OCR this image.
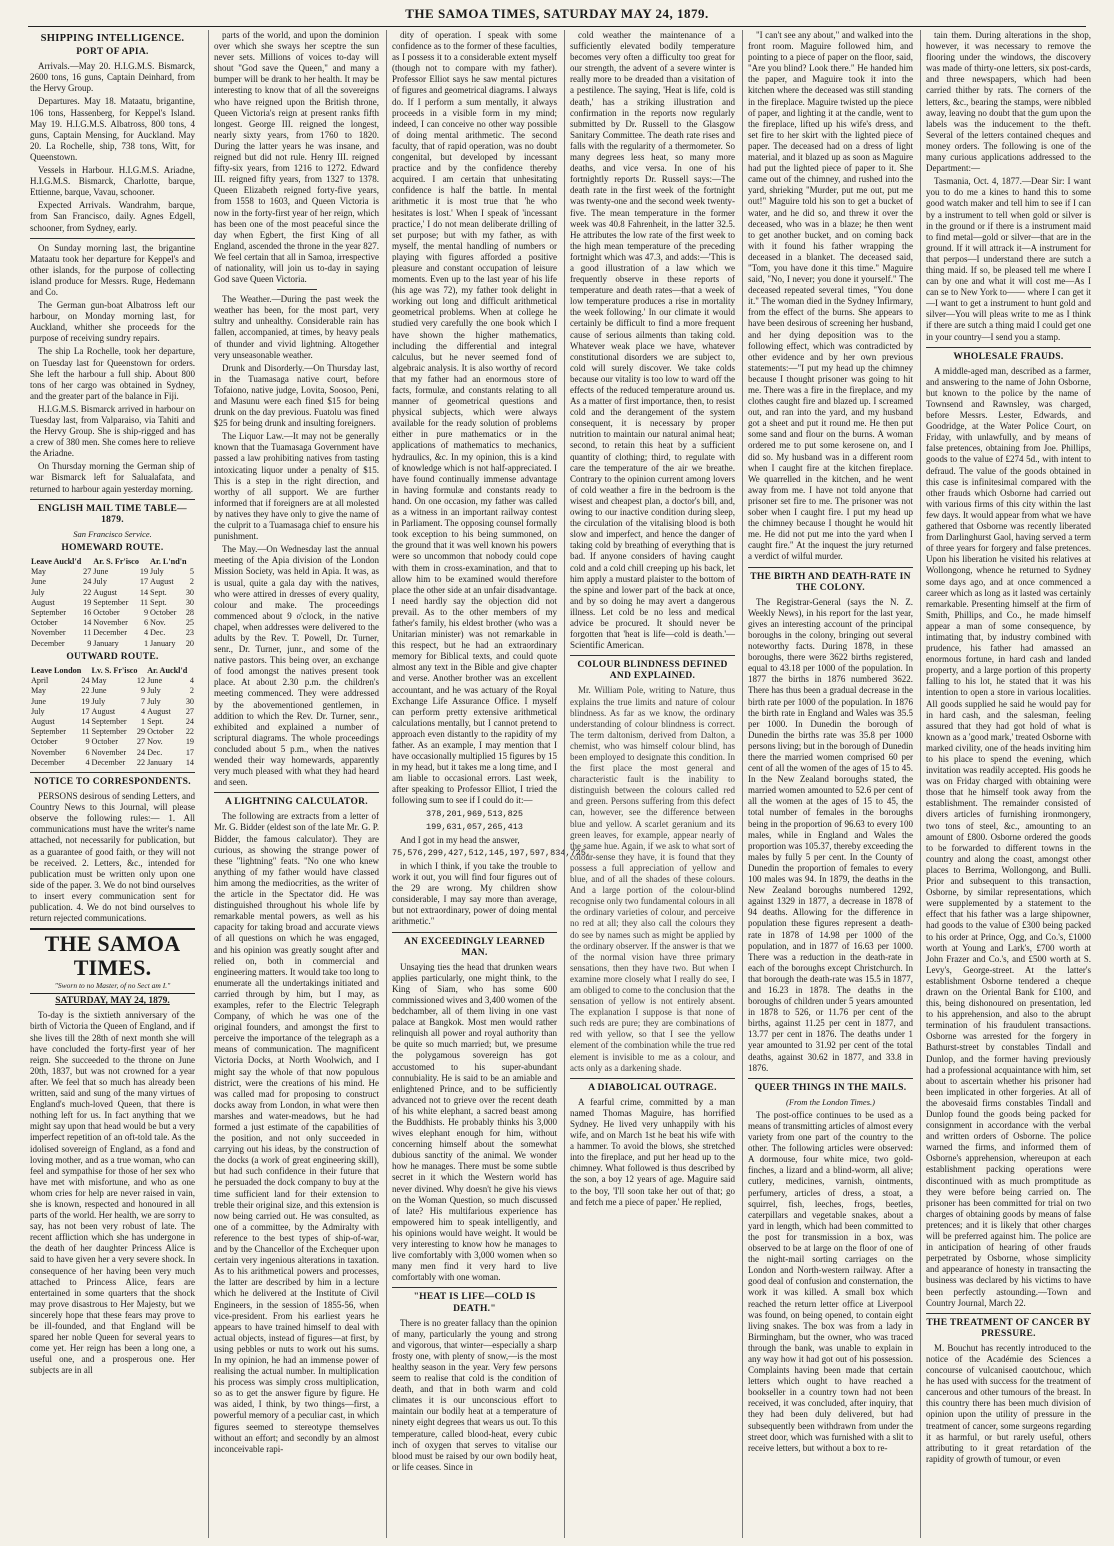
THE SAMOA TIMES, SATURDAY MAY 24, 1879.
SHIPPING INTELLIGENCE.
PORT OF APIA.

Arrivals.—May 20. H.I.G.M.S. Bismarck, 2600 tons, 16 guns, Captain Deinhard, from the Hervy Group.

Departures. May 18. Mataatu, brigantine, 106 tons, Hassenberg, for Keppel's Island. May 19. H.I.G.M.S. Albatross, 800 tons, 4 guns, Captain Mensing, for Auckland. May 20. La Rochelle, ship, 738 tons, Witt, for Queenstown.

Vessels in Harbour. H.I.G.M.S. Ariadne, H.I.G.M.S. Bismarck, Charlotte, barque, Ettienne, barque, Vavau, schooner.

Expected Arrivals. Wandrahm, barque, from San Francisco, daily. Agnes Edgell, schooner, from Sydney, early.

On Sunday morning last, the brigantine Mataatu took her departure for Keppel's and other islands, for the purpose of collecting island produce for Messrs. Ruge, Hedemann and Co.

The German gun-boat Albatross left our harbour, on Monday morning last, for Auckland, whither she proceeds for the purpose of receiving sundry repairs.

The ship La Rochelle, took her departure, on Tuesday last for Queenstown for orders. She left the harbour a full ship. About 800 tons of her cargo was obtained in Sydney, and the greater part of the balance in Fiji.

H.I.G.M.S. Bismarck arrived in harbour on Tuesday last, from Valparaiso, via Tahiti and the Hervy Group. She is ship-rigged and has a crew of 380 men. She comes here to relieve the Ariadne.

On Thursday morning the German ship of war Bismarck left for Salualafata, and returned to harbour again yesterday morning.

ENGLISH MAIL TIME TABLE—1879.
San Francisco Service.
HOMEWARD ROUTE.
Leave Auckl'd		Ar. S. Fr'isco		Ar. L'nd'n	
May	27	June	19	July	5
June	24	July	17	August	2
July	22	August	14	Sept.	30
August	19	September	11	Sept.	30
September	16	October	9	October	28
October	14	November	6	Nov.	25
November	11	December	4	Dec.	23
December	9	January	1	January	20
OUTWARD ROUTE.
Leave London		Lv. S. Fr'isco		Ar. Auckl'd	
April	24	May	12	June	4
May	22	June	9	July	2
June	19	July	7	July	30
July	17	August	4	August	27
August	14	September	1	Sept.	24
September	11	September	29	October	22
October	9	October	27	Nov.	19
November	6	November	24	Dec.	17
December	4	December	22	January	14
NOTICE TO CORRESPONDENTS.

PERSONS desirous of sending Letters, and Country News to this Journal, will please observe the following rules:— 1. All communications must have the writer's name attached, not necessarily for publication, but as a guarantee of good faith, or they will not be received. 2. Letters, &c., intended for publication must be written only upon one side of the paper. 3. We do not bind ourselves to insert every communication sent for publication. 4. We do not bind ourselves to return rejected communications.

THE SAMOA TIMES.
"Sworn to no Master, of no Sect am I."
SATURDAY, MAY 24, 1879.

To-day is the sixtieth anniversary of the birth of Victoria the Queen of England, and if she lives till the 28th of next month she will have concluded the forty-first year of her reign. She succeeded to the throne on June 20th, 1837, but was not crowned for a year after. We feel that so much has already been written, said and sung of the many virtues of England's much-loved Queen, that there is nothing left for us. In fact anything that we might say upon that head would be but a very imperfect repetition of an oft-told tale. As the idolised sovereign of England, as a fond and loving mother, and as a true woman, who can feel and sympathise for those of her sex who have met with misfortune, and who as one whom cries for help are never raised in vain, she is known, respected and honoured in all parts of the world. Her health, we are sorry to say, has not been very robust of late. The recent affliction which she has undergone in the death of her daughter Princess Alice is said to have given her a very severe shock. In consequence of her having been very much attached to Princess Alice, fears are entertained in some quarters that the shock may prove disastrous to Her Majesty, but we sincerely hope that these fears may prove to be ill-founded, and that England will be spared her noble Queen for several years to come yet. Her reign has been a long one, a useful one, and a prosperous one. Her subjects are in all

parts of the world, and upon the dominion over which she sways her sceptre the sun never sets. Millions of voices to-day will shout "God save the Queen," and many a bumper will be drank to her health. It may be interesting to know that of all the sovereigns who have reigned upon the British throne, Queen Victoria's reign at present ranks fifth longest. George III. reigned the longest, nearly sixty years, from 1760 to 1820. During the latter years he was insane, and reigned but did not rule. Henry III. reigned fifty-six years, from 1216 to 1272. Edward III. reigned fifty years, from 1327 to 1378. Queen Elizabeth reigned forty-five years, from 1558 to 1603, and Queen Victoria is now in the forty-first year of her reign, which has been one of the most peaceful since the day when Egbert, the first King of all England, ascended the throne in the year 827. We feel certain that all in Samoa, irrespective of nationality, will join us to-day in saying God save Queen Victoria.

The Weather.—During the past week the weather has been, for the most part, very sultry and unhealthy. Considerable rain has fallen, accompanied, at times, by heavy peals of thunder and vivid lightning. Altogether very unseasonable weather.

Drunk and Disorderly.—On Thursday last, in the Tuamasaga native court, before Tofaiono, native judge, Lovita, Soosoo, Peni, and Masunu were each fined $15 for being drunk on the day previous. Fuatolu was fined $25 for being drunk and insulting foreigners.

The Liquor Law.—It may not be generally known that the Tuamasaga Government have passed a law prohibiting natives from tasting intoxicating liquor under a penalty of $15. This is a step in the right direction, and worthy of all support. We are further informed that if foreigners are at all molested by natives they have only to give the name of the culprit to a Tuamasaga chief to ensure his punishment.

The May.—On Wednesday last the annual meeting of the Apia division of the London Mission Society, was held in Apia. It was, as is usual, quite a gala day with the natives, who were attired in dresses of every quality, colour and make. The proceedings commenced about 9 o'clock, in the native chapel, when addresses were delivered to the adults by the Rev. T. Powell, Dr. Turner, senr., Dr. Turner, junr., and some of the native pastors. This being over, an exchange of food amongst the natives present took place. At about 2.30 p.m. the children's meeting commenced. They were addressed by the abovementioned gentlemen, in addition to which the Rev. Dr. Turner, senr., exhibited and explained a number of scriptural diagrams. The whole proceedings concluded about 5 p.m., when the natives wended their way homewards, apparently very much pleased with what they had heard and seen.

A LIGHTNING CALCULATOR.

The following are extracts from a letter of Mr. G. Bidder (eldest son of the late Mr. G. P. Bidder, the famous calculator). They are curious, as showing the strange power of these "lightning" feats. "No one who knew anything of my father would have classed him among the mediocrities, as the writer of the article in the Spectator did. He was distinguished throughout his whole life by remarkable mental powers, as well as his capacity for taking broad and accurate views of all questions on which he was engaged, and his opinion was greatly sought after and relied on, both in commercial and engineering matters. It would take too long to enumerate all the undertakings initiated and carried through by him, but I may, as examples, refer to the Electric Telegraph Company, of which he was one of the original founders, and amongst the first to perceive the importance of the telegraph as a means of communication. The magnificent Victoria Docks, at North Woolwich, and I might say the whole of that now populous district, were the creations of his mind. He was called mad for proposing to construct docks away from London, in what were then marshes and water-meadows, but he had formed a just estimate of the capabilities of the position, and not only succeeded in carrying out his ideas, by the construction of the docks (a work of great engineering skill), but had such confidence in their future that he persuaded the dock company to buy at the time sufficient land for their extension to treble their original size, and this extension is now being carried out. He was consulted, as one of a committee, by the Admiralty with reference to the best types of ship-of-war, and by the Chancellor of the Exchequer upon certain very ingenious alterations in taxation. As to his arithmetical powers and processes, the latter are described by him in a lecture which he delivered at the Institute of Civil Engineers, in the session of 1855-56, when vice-president. From his earliest years he appears to have trained himself to deal with actual objects, instead of figures—at first, by using pebbles or nuts to work out his sums. In my opinion, he had an immense power of realising the actual number. In multiplication his process was simply cross multiplication, so as to get the answer figure by figure. He was aided, I think, by two things—first, a powerful memory of a peculiar cast, in which figures seemed to stereotype themselves without an effort; and secondly by an almost inconceivable rapi-

dity of operation. I speak with some confidence as to the former of these faculties, as I possess it to a considerable extent myself (though not to compare with my father). Professor Elliot says he saw mental pictures of figures and geometrical diagrams. I always do. If I perform a sum mentally, it always proceeds in a visible form in my mind; indeed, I can conceive no other way possible of doing mental arithmetic. The second faculty, that of rapid operation, was no doubt congenital, but developed by incessant practice and by the confidence thereby acquired. I am certain that unhesitating confidence is half the battle. In mental arithmetic it is most true that 'he who hesitates is lost.' When I speak of 'incessant practice,' I do not mean deliberate drilling of set purpose; but with my father, as with myself, the mental handling of numbers or playing with figures afforded a positive pleasure and constant occupation of leisure moments. Even up to the last year of his life (his age was 72), my father took delight in working out long and difficult arithmetical geometrical problems. When at college he studied very carefully the one book which I have shown the higher mathematics, including the differential and integral calculus, but he never seemed fond of algebraic analysis. It is also worthy of record that my father had an enormous store of facts, formulæ, and constants relating to all manner of geometrical questions and physical subjects, which were always available for the ready solution of problems either in pure mathematics or in the applications of mathematics to mechanics, hydraulics, &c. In my opinion, this is a kind of knowledge which is not half-appreciated. I have found continually immense advantage in having formulæ and constants ready to hand. On one occasion, my father was called as a witness in an important railway contest in Parliament. The opposing counsel formally took exception to his being summoned, on the ground that it was well known his powers were so uncommon that nobody could cope with them in cross-examination, and that to allow him to be examined would therefore place the other side at an unfair disadvantage. I need hardly say the objection did not prevail. As to the other members of my father's family, his eldest brother (who was a Unitarian minister) was not remarkable in this respect, but he had an extraordinary memory for Biblical texts, and could quote almost any text in the Bible and give chapter and verse. Another brother was an excellent accountant, and he was actuary of the Royal Exchange Life Assurance Office. I myself can perform pretty extensive arithmetical calculations mentally, but I cannot pretend to approach even distantly to the rapidity of my father. As an example, I may mention that I have occasionally multiplied 15 figures by 15 in my head, but it takes me a long time, and I am liable to occasional errors. Last week, after speaking to Professor Elliot, I tried the following sum to see if I could do it:—

378,201,969,513,825
199,631,057,265,413

And I got in my head the answer,

75,576,299,427,512,145,197,597,834,725,

in which I think, if you take the trouble to work it out, you will find four figures out of the 29 are wrong. My children show considerable, I may say more than average, but not extraordinary, power of doing mental arithmetic."

AN EXCEEDINGLY LEARNED MAN.

Unsaying ties the head that drunken wears applies particularly, one might think, to the King of Siam, who has some 600 commissioned wives and 3,400 women of the bedchamber, all of them living in one vast palace at Bangkok. Most men would rather relinquish all power and royal authority than be quite so much married; but, we presume the polygamous sovereign has got accustomed to his super-abundant connubiality. He is said to be an amiable and enlightened Prince, and to be sufficiently advanced not to grieve over the recent death of his white elephant, a sacred beast among the Buddhists. He probably thinks his 3,000 wives elephant enough for him, without concerning himself about the somewhat dubious sanctity of the animal. We wonder how he manages. There must be some subtle secret in it which the Western world has never divined. Why doesn't he give his views on the Woman Question, so much discussed of late? His multifarious experience has empowered him to speak intelligently, and his opinions would have weight. It would be very interesting to know how he manages to live comfortably with 3,000 women when so many men find it very hard to live comfortably with one woman.

"HEAT IS LIFE—COLD IS DEATH."

There is no greater fallacy than the opinion of many, particularly the young and strong and vigorous, that winter—especially a sharp frosty one, with plenty of snow,—is the most healthy season in the year. Very few persons seem to realise that cold is the condition of death, and that in both warm and cold climates it is our unconscious effort to maintain our bodily heat at a temperature of ninety eight degrees that wears us out. To this temperature, called blood-heat, every cubic inch of oxygen that serves to vitalise our blood must be raised by our own bodily heat, or life ceases. Since in

cold weather the maintenance of a sufficiently elevated bodily temperature becomes very often a difficulty too great for our strength, the advent of a severe winter is really more to be dreaded than a visitation of a pestilence. The saying, 'Heat is life, cold is death,' has a striking illustration and confirmation in the reports now regularly submitted by Dr. Russell to the Glasgow Sanitary Committee. The death rate rises and falls with the regularity of a thermometer. So many degrees less heat, so many more deaths, and vice versa. In one of his fortnightly reports Dr. Russell says:—The death rate in the first week of the fortnight was twenty-one and the second week twenty-five. The mean temperature in the former week was 40.8 Fahrenheit, in the latter 32.5. He attributes the low rate of the first week to the high mean temperature of the preceding fortnight which was 47.3, and adds:—'This is a good illustration of a law which we frequently observe in these reports of temperature and death rates—that a week of low temperature produces a rise in mortality the week following.' In our climate it would certainly be difficult to find a more frequent cause of serious ailments than taking cold. Whatever weak place we have, whatever constitutional disorders we are subject to, cold will surely discover. We take colds because our vitality is too low to ward off the effects of the reduced temperature around us. As a matter of first importance, then, to resist cold and the derangement of the system consequent, it is necessary by proper nutrition to maintain our natural animal heat; second, to retain this heat by a sufficient quantity of clothing; third, to regulate with care the temperature of the air we breathe. Contrary to the opinion current among lovers of cold weather a fire in the bedroom is the wisest and cheapest plan, a doctor's bill, and, owing to our inactive condition during sleep, the circulation of the vitalising blood is both slow and imperfect, and hence the danger of taking cold by breathing of everything that is bad. If anyone considers of having caught cold and a cold chill creeping up his back, let him apply a mustard plaister to the bottom of the spine and lower part of the back at once, and by so doing he may avert a dangerous illness. Let cold be no less and medical advice be procured. It should never be forgotten that 'heat is life—cold is death.'—Scientific American.

COLOUR BLINDNESS DEFINED AND EXPLAINED.

Mr. William Pole, writing to Nature, thus explains the true limits and nature of colour blindness. As far as we know, the ordinary understanding of colour blindness is correct. The term daltonism, derived from Dalton, a chemist, who was himself colour blind, has been employed to designate this condition. In the first place the most general and characteristic fault is the inability to distinguish between the colours called red and green. Persons suffering from this defect can, however, see the difference between blue and yellow. A scarlet geranium and its green leaves, for example, appear nearly of the same hue. Again, if we ask to what sort of colour-sense they have, it is found that they possess a full appreciation of yellow and blue, and of all the shades of these colours. And a large portion of the colour-blind recognise only two fundamental colours in all the ordinary varieties of colour, and perceive no red at all; they also call the colours they do see by names such as might be applied by the ordinary observer. If the answer is that we of the normal vision have three primary sensations, then they have two. But when I examine more closely what I really do see, I am obliged to come to the conclusion that the sensation of yellow is not entirely absent. The explanation I suppose is that none of such reds are pure; they are combinations of red with yellow, so that I see the yellow element of the combination while the true red element is invisible to me as a colour, and acts only as a darkening shade.

A DIABOLICAL OUTRAGE.

A fearful crime, committed by a man named Thomas Maguire, has horrified Sydney. He lived very unhappily with his wife, and on March 1st he beat his wife with a hammer. To avoid the blows, she stretched into the fireplace, and put her head up to the chimney. What followed is thus described by the son, a boy 12 years of age. Maguire said to the boy, 'I'll soon take her out of that; go and fetch me a piece of paper.' He replied,

"I can't see any about," and walked into the front room. Maguire followed him, and pointing to a piece of paper on the floor, said, "Are you blind? Look there." He handed him the paper, and Maguire took it into the kitchen where the deceased was still standing in the fireplace. Maguire twisted up the piece of paper, and lighting it at the candle, went to the fireplace, lifted up his wife's dress, and set fire to her skirt with the lighted piece of paper. The deceased had on a dress of light material, and it blazed up as soon as Maguire had put the lighted piece of paper to it. She came out of the chimney, and rushed into the yard, shrieking "Murder, put me out, put me out!" Maguire told his son to get a bucket of water, and he did so, and threw it over the deceased, who was in a blaze; he then went to get another bucket, and on coming back with it found his father wrapping the deceased in a blanket. The deceased said, "Tom, you have done it this time." Maguire said, "No, I never; you done it yourself." The deceased repeated several times, "You done it." The woman died in the Sydney Infirmary, from the effect of the burns. She appears to have been desirous of screening her husband, and her dying deposition was to the following effect, which was contradicted by other evidence and by her own previous statements:—"I put my head up the chimney because I thought prisoner was going to hit me. There was a fire in the fireplace, and my clothes caught fire and blazed up. I screamed out, and ran into the yard, and my husband got a sheet and put it round me. He then put some sand and flour on the burns. A woman ordered me to put some kerosene on, and I did so. My husband was in a different room when I caught fire at the kitchen fireplace. We quarrelled in the kitchen, and he went away from me. I have not told anyone that prisoner set fire to me. The prisoner was not sober when I caught fire. I put my head up the chimney because I thought he would hit me. He did not put me into the yard when I caught fire." At the inquest the jury returned a verdict of wilful murder.

THE BIRTH AND DEATH-RATE IN THE COLONY.

The Registrar-General (says the N. Z. Weekly News), in his report for the last year, gives an interesting account of the principal boroughs in the colony, bringing out several noteworthy facts. During 1878, in these boroughs, there were 3622 births registered, equal to 43.18 per 1000 of the population. In 1877 the births in 1876 numbered 3622. There has thus been a gradual decrease in the birth rate per 1000 of the population. In 1876 the birth rate in England and Wales was 35.5 per 1000. In Dunedin the borough of Dunedin the births rate was 35.8 per 1000 persons living; but in the borough of Dunedin there the married women comprised 60 per cent of all the women of the ages of 15 to 45. In the New Zealand boroughs stated, the married women amounted to 52.6 per cent of all the women at the ages of 15 to 45, the total number of females in the boroughs being in the proportion of 96.63 to every 100 males, while in England and Wales the proportion was 105.37, thereby exceeding the males by fully 5 per cent. In the County of Dunedin the proportion of females to every 100 males was 94. In 1879, the deaths in the New Zealand boroughs numbered 1292, against 1329 in 1877, a decrease in 1878 of 94 deaths. Allowing for the difference in population these figures represent a death-rate in 1878 of 14.98 per 1000 of the population, and in 1877 of 16.63 per 1000. There was a reduction in the death-rate in each of the boroughs except Christchurch. In that borough the death-rate was 15.5 in 1877, and 16.23 in 1878. The deaths in the boroughs of children under 5 years amounted in 1878 to 526, or 11.76 per cent of the births, against 11.25 per cent in 1877, and 13.77 per cent in 1876. The deaths under 1 year amounted to 31.92 per cent of the total deaths, against 30.62 in 1877, and 33.8 in 1876.

QUEER THINGS IN THE MAILS.
(From the London Times.)

The post-office continues to be used as a means of transmitting articles of almost every variety from one part of the country to the other. The following articles were observed: A dormouse, four white mice, two gold-finches, a lizard and a blind-worm, all alive; cutlery, medicines, varnish, ointments, perfumery, articles of dress, a stoat, a squirrel, fish, leeches, frogs, beetles, caterpillars and vegetable snakes, about a yard in length, which had been committed to the post for transmission in a box, was observed to be at large on the floor of one of the night-mail sorting carriages on the London and North-western railway. After a good deal of confusion and consternation, the work it was killed. A small box which reached the return letter office at Liverpool was found, on being opened, to contain eight living snakes. The box was from a lady in Birmingham, but the owner, who was traced through the bank, was unable to explain in any way how it had got out of his possession. Complaints having been made that certain letters which ought to have reached a bookseller in a country town had not been received, it was concluded, after inquiry, that they had been duly delivered, but had subsequently been withdrawn from under the street door, which was furnished with a slit to receive letters, but without a box to re-

tain them. During alterations in the shop, however, it was necessary to remove the flooring under the windows, the discovery was made of thirty-one letters, six post-cards, and three newspapers, which had been carried thither by rats. The corners of the letters, &c., bearing the stamps, were nibbled away, leaving no doubt that the gum upon the labels was the inducement to the theft. Several of the letters contained cheques and money orders. The following is one of the many curious applications addressed to the Department:—

Tasmania, Oct. 4, 1877.—Dear Sir: I want you to do me a kines to hand this to some good watch maker and tell him to see if I can by a instrument to tell when gold or silver is in the ground or if there is a instrument maid to find metal—gold or silver—that are in the ground. If it will attrack it—A instrument for that perpos—I understand there are sutch a thing maid. If so, be pleased tell me where I can by one and what it will cost me—As I can se to New York to—— where I can get it—I want to get a instrument to hunt gold and silver—You will pleas write to me as I think if there are sutch a thing maid I could get one in your country—I send you a stamp.

WHOLESALE FRAUDS.

A middle-aged man, described as a farmer, and answering to the name of John Osborne, but known to the police by the name of Townsend and Rawnsley, was charged, before Messrs. Lester, Edwards, and Goodridge, at the Water Police Court, on Friday, with unlawfully, and by means of false pretences, obtaining from Joe. Phillips, goods to the value of £274 5d., with intent to defraud. The value of the goods obtained in this case is infinitesimal compared with the other frauds which Osborne had carried out with various firms of this city within the last few days. It would appear from what we have gathered that Osborne was recently liberated from Darlinghurst Gaol, having served a term of three years for forgery and false pretences. Upon his liberation he visited his relatives at Wollongong, whence he returned to Sydney some days ago, and at once commenced a career which as long as it lasted was certainly remarkable. Presenting himself at the firm of Smith, Phillips, and Co., he made himself appear a man of some consequence, by intimating that, by industry combined with prudence, his father had amassed an enormous fortune, in hard cash and landed property, and a large portion of this property falling to his lot, he stated that it was his intention to open a store in various localities. All goods supplied he said he would pay for in hard cash, and the salesman, feeling assured that they had got hold of what is known as a 'good mark,' treated Osborne with marked civility, one of the heads inviting him to his place to spend the evening, which invitation was readily accepted. His goods he was on Friday charged with obtaining were those that he himself took away from the establishment. The remainder consisted of divers articles of furnishing ironmongery, two tons of steel, &c., amounting to an amount of £800. Osborne ordered the goods to be forwarded to different towns in the country and along the coast, amongst other places to Berrima, Wollongong, and Bulli. Prior and subsequent to this transaction, Osborne, by similar representations, which were supplemented by a statement to the effect that his father was a large shipowner, had goods to the value of £300 being packed to his order at Prince, Ogg, and Co.'s, £1000 worth at Young and Lark's, £700 worth at John Frazer and Co.'s, and £500 worth at S. Levy's, George-street. At the latter's establishment Osborne tendered a cheque drawn on the Oriental Bank for £100, and this, being dishonoured on presentation, led to his apprehension, and also to the abrupt termination of his fraudulent transactions. Osborne was arrested for the forgery in Bathurst-street by constables Tindall and Dunlop, and the former having previously had a professional acquaintance with him, set about to ascertain whether his prisoner had been implicated in other forgeries. At all of the abovesaid firms constables Tindall and Dunlop found the goods being packed for consignment in accordance with the verbal and written orders of Osborne. The police warned the firms, and informed them of Osborne's apprehension, whereupon at each establishment packing operations were discontinued with as much promptitude as they were before being carried on. The prisoner has been committed for trial on two charges of obtaining goods by means of false pretences; and it is likely that other charges will be preferred against him. The police are in anticipation of hearing of other frauds perpetrated by Osborne, whose simplicity and appearance of honesty in transacting the business was declared by his victims to have been perfectly astounding.—Town and Country Journal, March 22.

THE TREATMENT OF CANCER BY PRESSURE.

M. Bouchut has recently introduced to the notice of the Académie des Sciences a concourse of vulcanised caoutchouc, which he has used with success for the treatment of cancerous and other tumours of the breast. In this country there has been much division of opinion upon the utility of pressure in the treatment of cancer, some surgeons regarding it as harmful, or but rarely useful, others attributing to it great retardation of the rapidity of growth of tumour, or even
